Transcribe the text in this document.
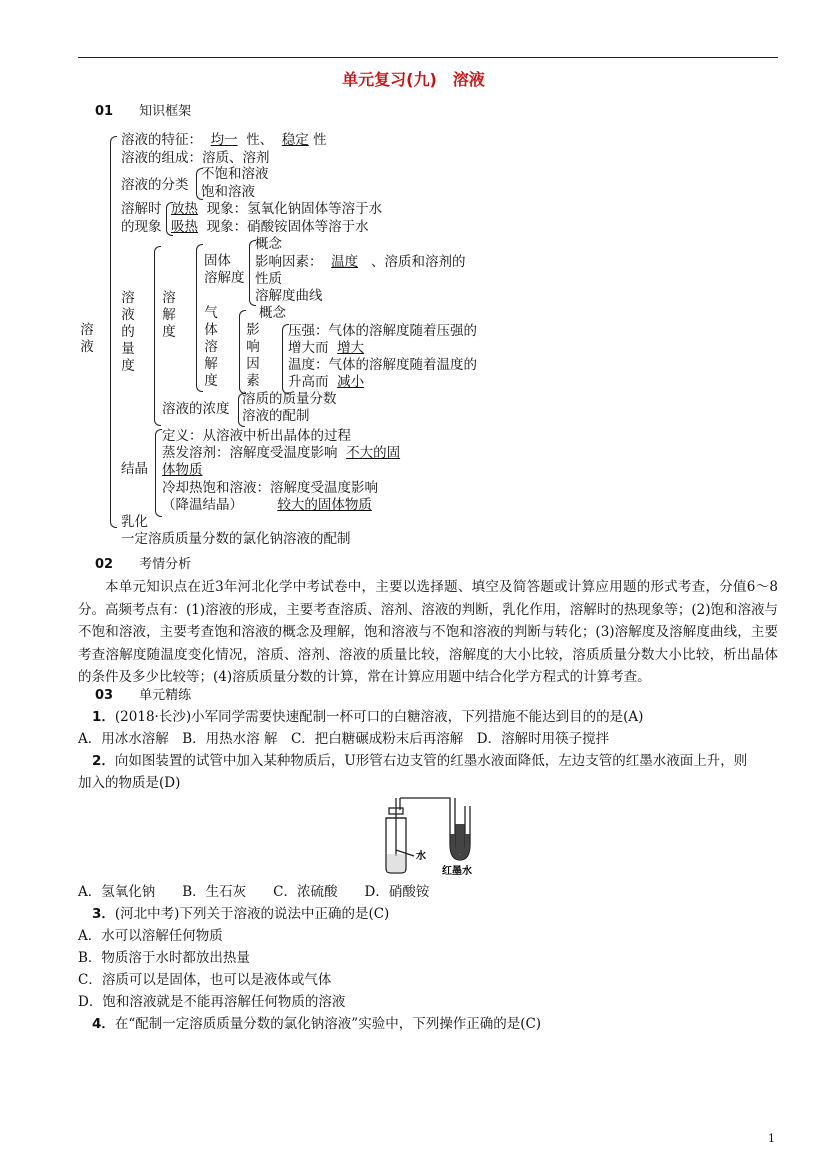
单元复习(九)　溶液
01 知识框架
溶液
溶液的特征： 均一 性、 稳定 性
溶液的组成：溶质、溶剂
溶液的分类
不饱和溶液
饱和溶液
溶解时
的现象
放热 现象：氢氧化钠固体等溶于水
吸热 现象：硝酸铵固体等溶于水
溶液的量度
溶解度
固体
溶解度
概念
影响因素： 温度 、溶质和溶剂的
性质
溶解度曲线
气体溶解度
概念
影响因素
压强：气体的溶解度随着压强的
增大而 增大
温度：气体的溶解度随着温度的
升高而 减小
溶液的浓度
溶质的质量分数
溶液的配制
结晶
定义：从溶液中析出晶体的过程
蒸发溶剂：溶解度受温度影响 不大的固
体物质
冷却热饱和溶液：溶解度受温度影响
（降温结晶）	较大的固体物质
乳化
一定溶质质量分数的氯化钠溶液的配制
02 考情分析
本单元知识点在近3年河北化学中考试卷中，主要以选择题、填空及简答题或计算应用题的形式考查，分值6～8分。高频考点有：(1)溶液的形成，主要考查溶质、溶剂、溶液的判断，乳化作用，溶解时的热现象等；(2)饱和溶液与不饱和溶液，主要考查饱和溶液的概念及理解，饱和溶液与不饱和溶液的判断与转化；(3)溶解度及溶解度曲线，主要考查溶解度随温度变化情况，溶质、溶剂、溶液的质量比较，溶解度的大小比较，溶质质量分数大小比较，析出晶体的条件及多少比较等；(4)溶质质量分数的计算，常在计算应用题中结合化学方程式的计算考查。
03 单元精练
1．(2018·长沙)小军同学需要快速配制一杯可口的白糖溶液，下列措施不能达到目的的是(A)
A．用冰水溶解　B．用热水溶 解　C．把白糖碾成粉末后再溶解　D．溶解时用筷子搅拌
2．向如图装置的试管中加入某种物质后，U形管右边支管的红墨水液面降低，左边支管的红墨水液面上升，则
加入的物质是(D)
水
红墨水
A．氢氧化钠　　B．生石灰　　C．浓硫酸　　D．硝酸铵
3．(河北中考)下列关于溶液的说法中正确的是(C)
A．水可以溶解任何物质
B．物质溶于水时都放出热量
C．溶质可以是固体，也可以是液体或气体
D．饱和溶液就是不能再溶解任何物质的溶液
4．在“配制一定溶质质量分数的氯化钠溶液”实验中，下列操作正确的是(C)
1
